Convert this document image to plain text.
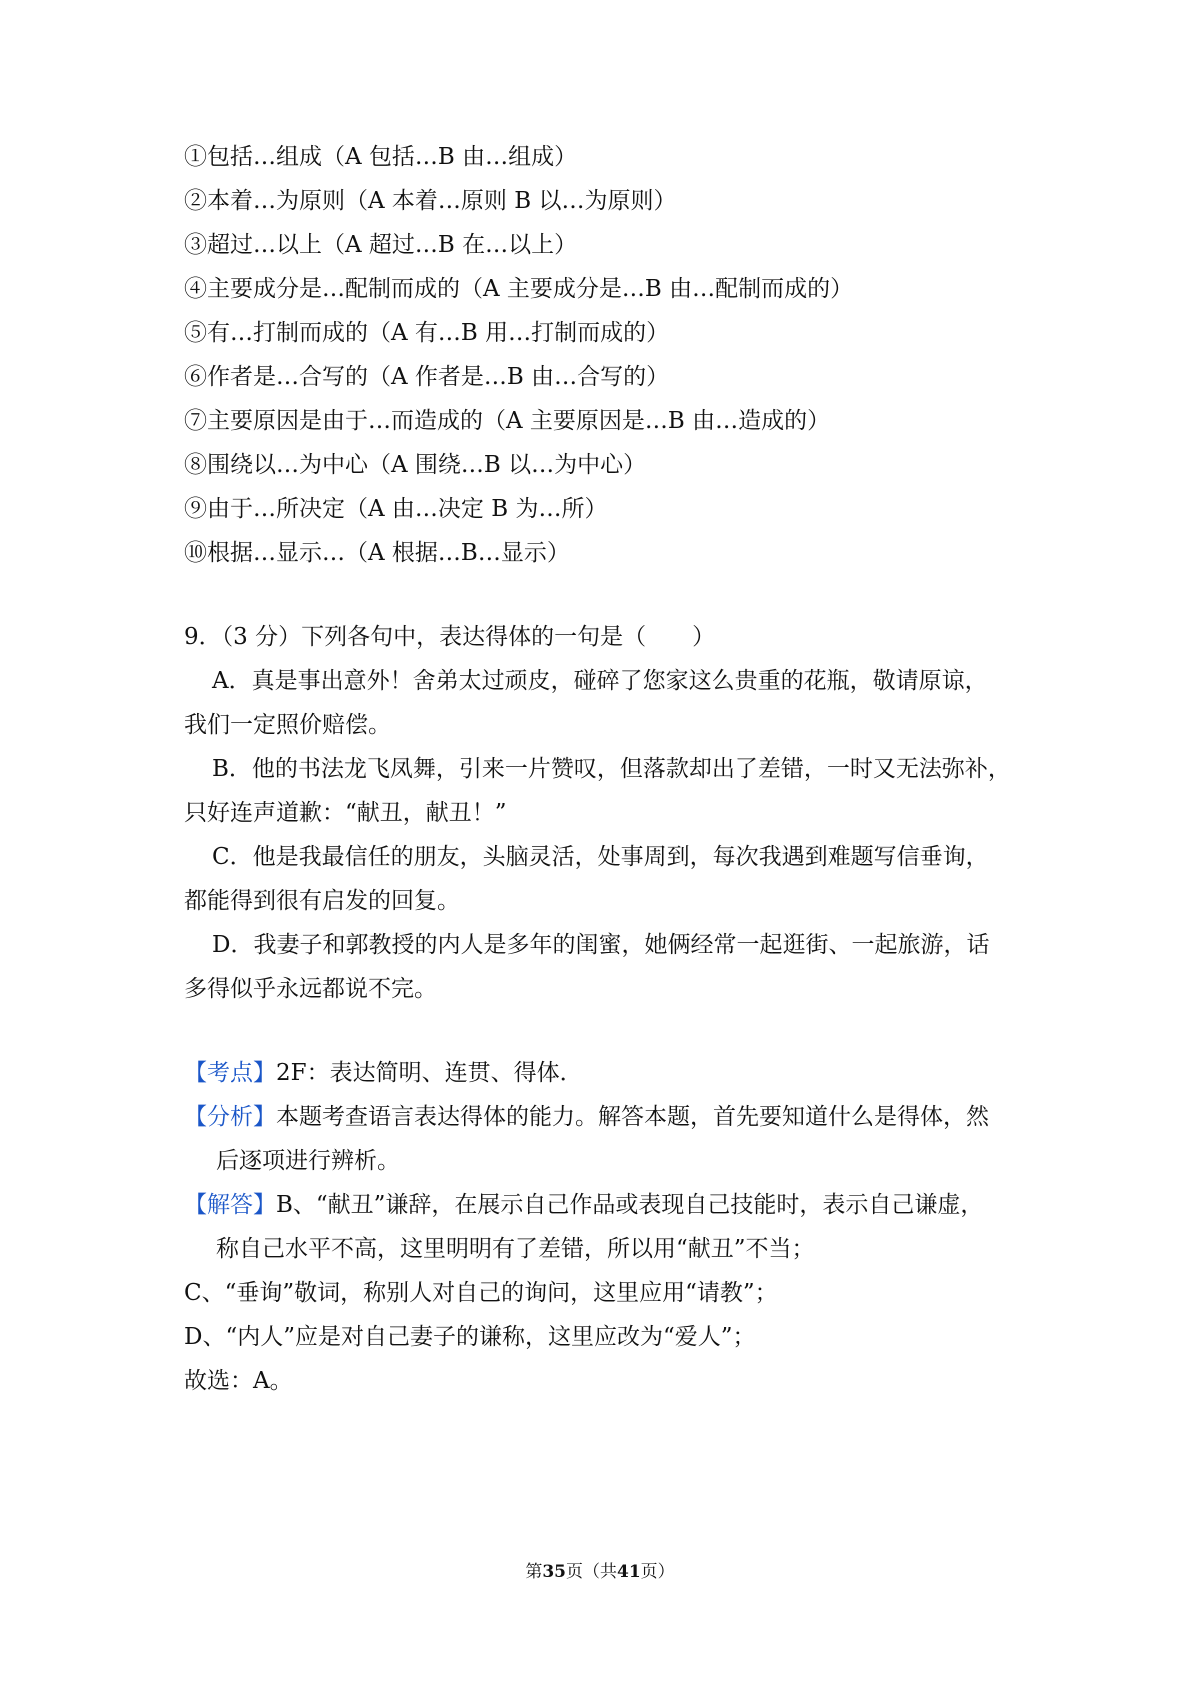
①包括…组成（A 包括…B 由…组成）
②本着…为原则（A 本着…原则 B 以…为原则）
③超过…以上（A 超过…B 在…以上）
④主要成分是…配制而成的（A 主要成分是…B 由…配制而成的）
⑤有…打制而成的（A 有…B 用…打制而成的）
⑥作者是…合写的（A 作者是…B 由…合写的）
⑦主要原因是由于…而造成的（A 主要原因是…B 由…造成的）
⑧围绕以…为中心（A 围绕…B 以…为中心）
⑨由于…所决定（A 由…决定 B 为…所）
⑩根据…显示…（A 根据…B…显示）
9．（3 分）下列各句中，表达得体的一句是（　　）
A．真是事出意外！舍弟太过顽皮，碰碎了您家这么贵重的花瓶，敬请原谅，
我们一定照价赔偿。
B．他的书法龙飞凤舞，引来一片赞叹，但落款却出了差错，一时又无法弥补，
只好连声道歉：“献丑，献丑！”
C．他是我最信任的朋友，头脑灵活，处事周到，每次我遇到难题写信垂询，
都能得到很有启发的回复。
D．我妻子和郭教授的内人是多年的闺蜜，她俩经常一起逛街、一起旅游，话
多得似乎永远都说不完。
【考点】2F：表达简明、连贯、得体．
【分析】本题考查语言表达得体的能力。解答本题，首先要知道什么是得体，然
后逐项进行辨析。
【解答】B、“献丑”谦辞，在展示自己作品或表现自己技能时，表示自己谦虚，
称自己水平不高，这里明明有了差错，所以用“献丑”不当；
C、“垂询”敬词，称别人对自己的询问，这里应用“请教”；
D、“内人”应是对自己妻子的谦称，这里应改为“爱人”；
故选：A。
第35页（共41页）
